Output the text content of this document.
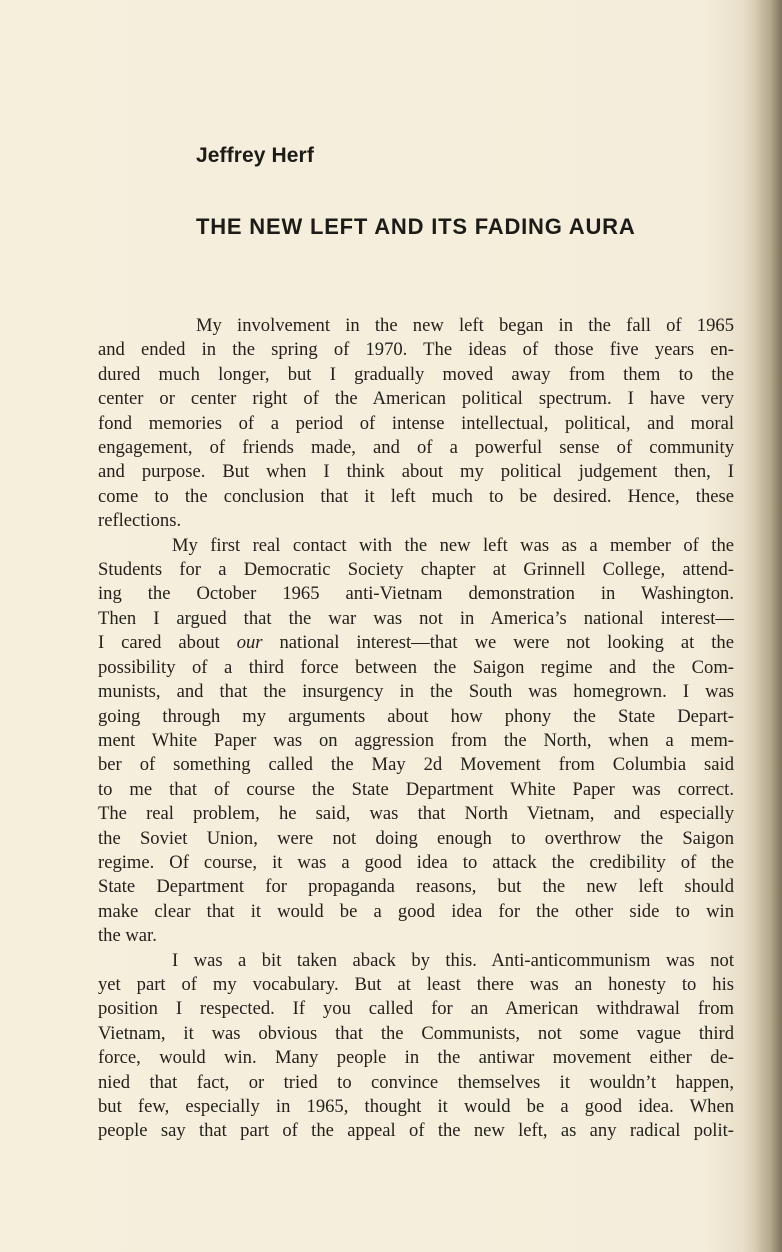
Jeffrey Herf
THE NEW LEFT AND ITS FADING AURA

My involvement in the new left began in the fall of 1965
and ended in the spring of 1970. The ideas of those five years en-
dured much longer, but I gradually moved away from them to the
center or center right of the American political spectrum. I have very
fond memories of a period of intense intellectual, political, and moral
engagement, of friends made, and of a powerful sense of community
and purpose. But when I think about my political judgement then, I
come to the conclusion that it left much to be desired. Hence, these
reflections.

My first real contact with the new left was as a member of the
Students for a Democratic Society chapter at Grinnell College, attend-
ing the October 1965 anti-Vietnam demonstration in Washington.
Then I argued that the war was not in America’s national interest—
I cared about our national interest—that we were not looking at the
possibility of a third force between the Saigon regime and the Com-
munists, and that the insurgency in the South was homegrown. I was
going through my arguments about how phony the State Depart-
ment White Paper was on aggression from the North, when a mem-
ber of something called the May 2d Movement from Columbia said
to me that of course the State Department White Paper was correct.
The real problem, he said, was that North Vietnam, and especially
the Soviet Union, were not doing enough to overthrow the Saigon
regime. Of course, it was a good idea to attack the credibility of the
State Department for propaganda reasons, but the new left should
make clear that it would be a good idea for the other side to win
the war.

I was a bit taken aback by this. Anti-anticommunism was not
yet part of my vocabulary. But at least there was an honesty to his
position I respected. If you called for an American withdrawal from
Vietnam, it was obvious that the Communists, not some vague third
force, would win. Many people in the antiwar movement either de-
nied that fact, or tried to convince themselves it wouldn’t happen,
but few, especially in 1965, thought it would be a good idea. When
people say that part of the appeal of the new left, as any radical polit-
